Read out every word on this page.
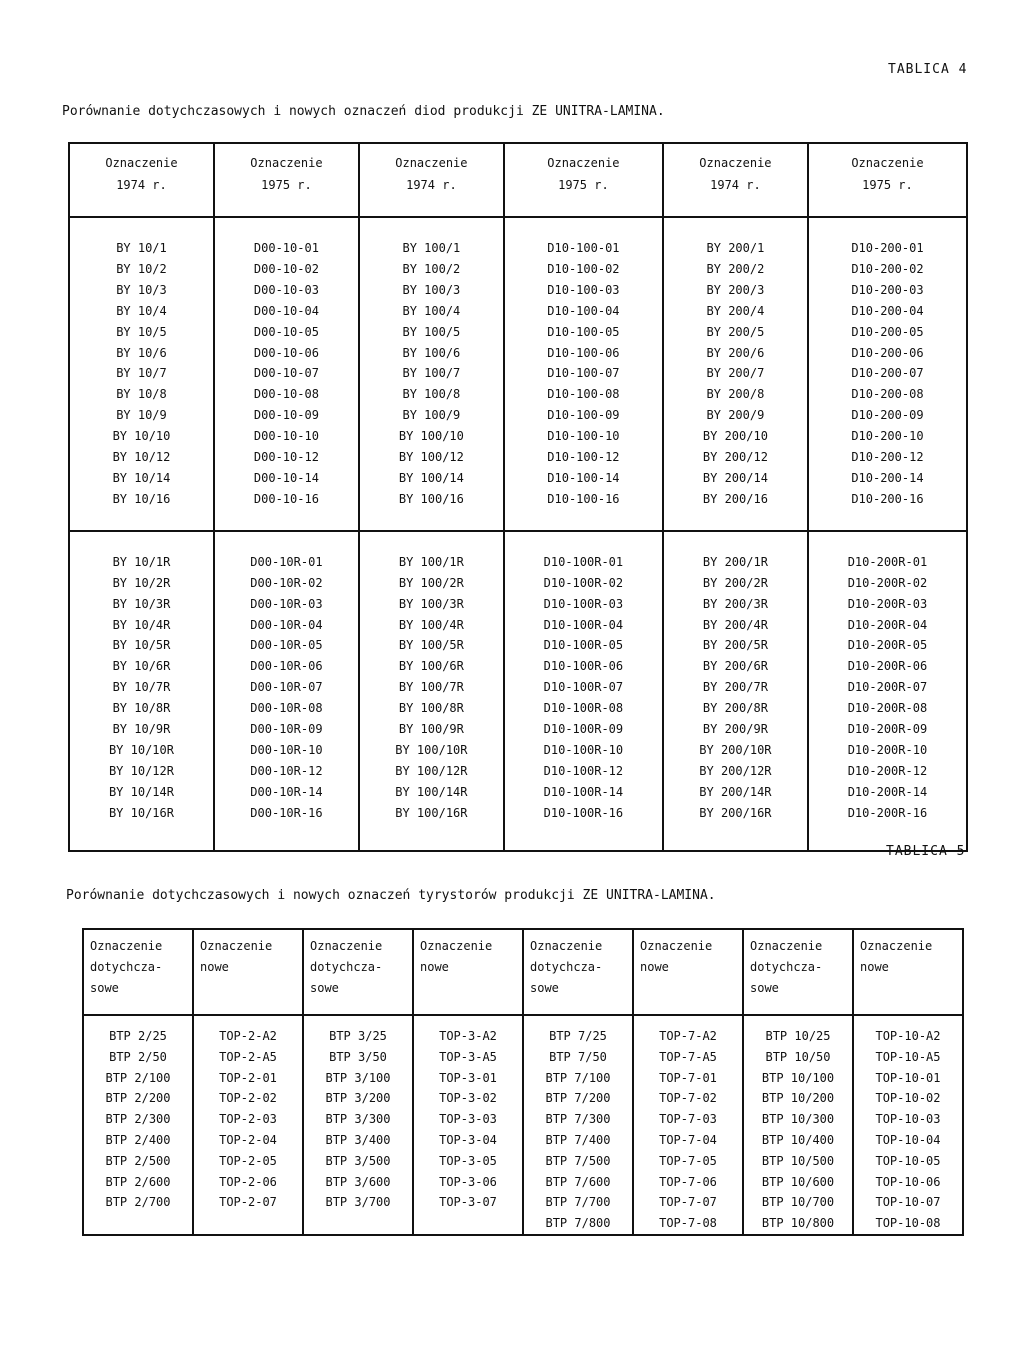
TABLICA 4
Porównanie dotychczasowych i nowych oznaczeń diod produkcji ZE UNITRA-LAMINA.
Oznaczenie
1974 r.	Oznaczenie
1975 r.	Oznaczenie
1974 r.	Oznaczenie
1975 r.	Oznaczenie
1974 r.	Oznaczenie
1975 r.

BY 10/1	D00-10-01	BY 100/1	D10-100-01	BY 200/1	D10-200-01
BY 10/2	D00-10-02	BY 100/2	D10-100-02	BY 200/2	D10-200-02
BY 10/3	D00-10-03	BY 100/3	D10-100-03	BY 200/3	D10-200-03
BY 10/4	D00-10-04	BY 100/4	D10-100-04	BY 200/4	D10-200-04
BY 10/5	D00-10-05	BY 100/5	D10-100-05	BY 200/5	D10-200-05
BY 10/6	D00-10-06	BY 100/6	D10-100-06	BY 200/6	D10-200-06
BY 10/7	D00-10-07	BY 100/7	D10-100-07	BY 200/7	D10-200-07
BY 10/8	D00-10-08	BY 100/8	D10-100-08	BY 200/8	D10-200-08
BY 10/9	D00-10-09	BY 100/9	D10-100-09	BY 200/9	D10-200-09
BY 10/10	D00-10-10	BY 100/10	D10-100-10	BY 200/10	D10-200-10
BY 10/12	D00-10-12	BY 100/12	D10-100-12	BY 200/12	D10-200-12
BY 10/14	D00-10-14	BY 100/14	D10-100-14	BY 200/14	D10-200-14
BY 10/16	D00-10-16	BY 100/16	D10-100-16	BY 200/16	D10-200-16

BY 10/1R	D00-10R-01	BY 100/1R	D10-100R-01	BY 200/1R	D10-200R-01
BY 10/2R	D00-10R-02	BY 100/2R	D10-100R-02	BY 200/2R	D10-200R-02
BY 10/3R	D00-10R-03	BY 100/3R	D10-100R-03	BY 200/3R	D10-200R-03
BY 10/4R	D00-10R-04	BY 100/4R	D10-100R-04	BY 200/4R	D10-200R-04
BY 10/5R	D00-10R-05	BY 100/5R	D10-100R-05	BY 200/5R	D10-200R-05
BY 10/6R	D00-10R-06	BY 100/6R	D10-100R-06	BY 200/6R	D10-200R-06
BY 10/7R	D00-10R-07	BY 100/7R	D10-100R-07	BY 200/7R	D10-200R-07
BY 10/8R	D00-10R-08	BY 100/8R	D10-100R-08	BY 200/8R	D10-200R-08
BY 10/9R	D00-10R-09	BY 100/9R	D10-100R-09	BY 200/9R	D10-200R-09
BY 10/10R	D00-10R-10	BY 100/10R	D10-100R-10	BY 200/10R	D10-200R-10
BY 10/12R	D00-10R-12	BY 100/12R	D10-100R-12	BY 200/12R	D10-200R-12
BY 10/14R	D00-10R-14	BY 100/14R	D10-100R-14	BY 200/14R	D10-200R-14
BY 10/16R	D00-10R-16	BY 100/16R	D10-100R-16	BY 200/16R	D10-200R-16

TABLICA 5
Porównanie dotychczasowych i nowych oznaczeń tyrystorów produkcji ZE UNITRA-LAMINA.
Oznaczenie
dotychcza-
sowe	Oznaczenie
nowe	Oznaczenie
dotychcza-
sowe	Oznaczenie
nowe	Oznaczenie
dotychcza-
sowe	Oznaczenie
nowe	Oznaczenie
dotychcza-
sowe	Oznaczenie
nowe

BTP 2/25	TOP-2-A2	BTP 3/25	TOP-3-A2	BTP 7/25	TOP-7-A2	BTP 10/25	TOP-10-A2
BTP 2/50	TOP-2-A5	BTP 3/50	TOP-3-A5	BTP 7/50	TOP-7-A5	BTP 10/50	TOP-10-A5
BTP 2/100	TOP-2-01	BTP 3/100	TOP-3-01	BTP 7/100	TOP-7-01	BTP 10/100	TOP-10-01
BTP 2/200	TOP-2-02	BTP 3/200	TOP-3-02	BTP 7/200	TOP-7-02	BTP 10/200	TOP-10-02
BTP 2/300	TOP-2-03	BTP 3/300	TOP-3-03	BTP 7/300	TOP-7-03	BTP 10/300	TOP-10-03
BTP 2/400	TOP-2-04	BTP 3/400	TOP-3-04	BTP 7/400	TOP-7-04	BTP 10/400	TOP-10-04
BTP 2/500	TOP-2-05	BTP 3/500	TOP-3-05	BTP 7/500	TOP-7-05	BTP 10/500	TOP-10-05
BTP 2/600	TOP-2-06	BTP 3/600	TOP-3-06	BTP 7/600	TOP-7-06	BTP 10/600	TOP-10-06
BTP 2/700	TOP-2-07	BTP 3/700	TOP-3-07	BTP 7/700	TOP-7-07	BTP 10/700	TOP-10-07
				BTP 7/800	TOP-7-08	BTP 10/800	TOP-10-08
